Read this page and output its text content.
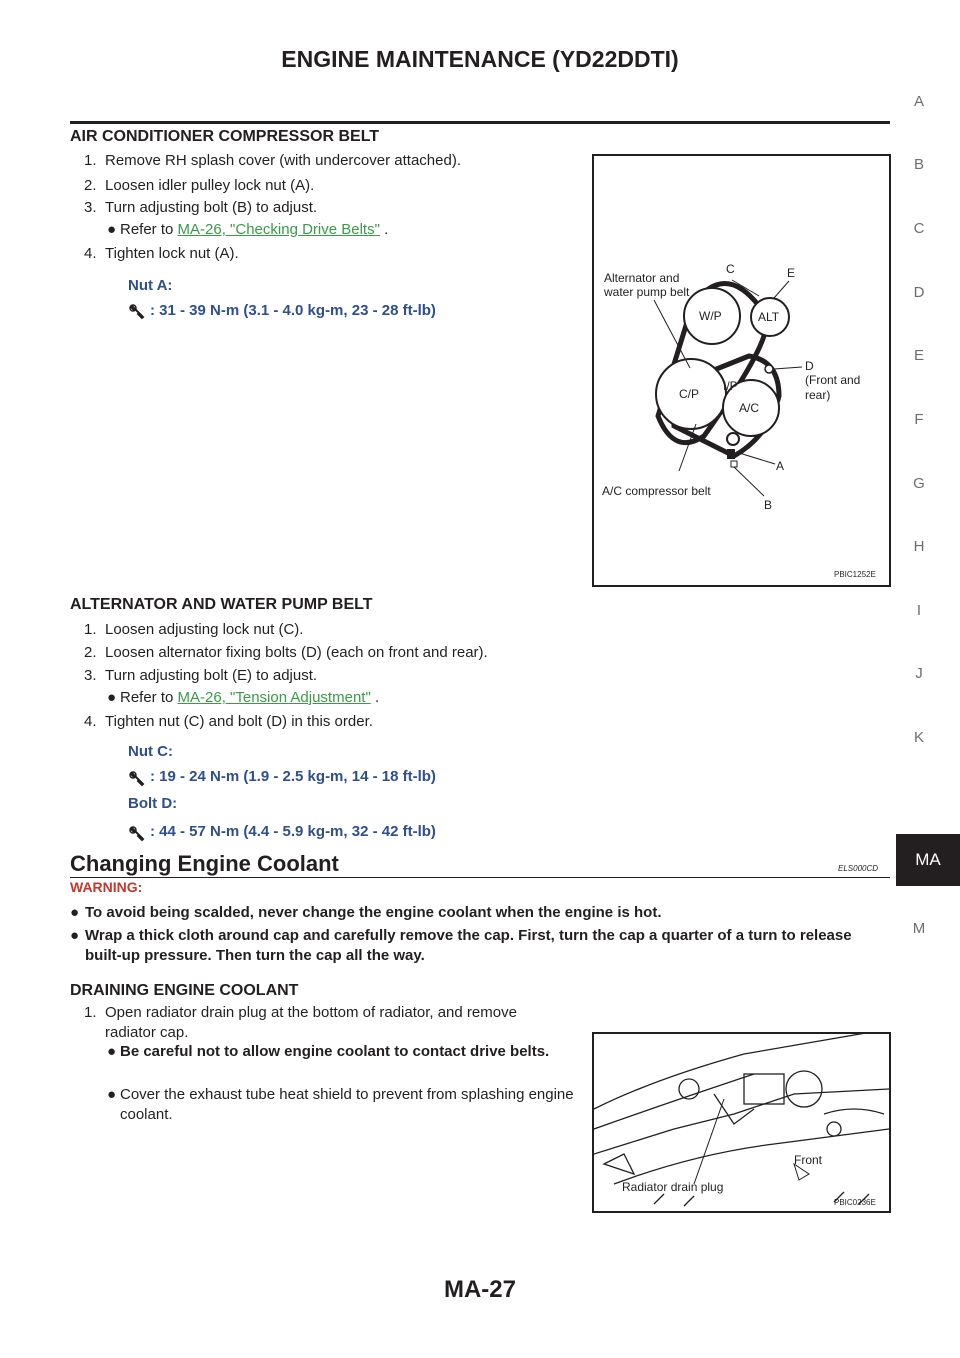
ENGINE MAINTENANCE (YD22DDTI)
A
B
C
D
E
F
G
H
I
J
K
MA
M
AIR CONDITIONER COMPRESSOR BELT
1. Remove RH splash cover (with undercover attached).
2. Loosen idler pulley lock nut (A).
3. Turn adjusting bolt (B) to adjust.
● Refer to MA-26, "Checking Drive Belts" .
4. Tighten lock nut (A).
Nut A:
: 31 - 39 N-m (3.1 - 4.0 kg-m, 23 - 28 ft-lb)
Alternator and
water pump belt
C	E
W/P	ALT
D
(Front and
rear)
C/P
I/P
A/C
A
A/C compressor belt
B
PBIC1252E
ALTERNATOR AND WATER PUMP BELT
1. Loosen adjusting lock nut (C).
2. Loosen alternator fixing bolts (D) (each on front and rear).
3. Turn adjusting bolt (E) to adjust.
● Refer to MA-26, "Tension Adjustment" .
4. Tighten nut (C) and bolt (D) in this order.
Nut C:
: 19 - 24 N-m (1.9 - 2.5 kg-m, 14 - 18 ft-lb)
Bolt D:
: 44 - 57 N-m (4.4 - 5.9 kg-m, 32 - 42 ft-lb)
Changing Engine Coolant	ELS000CD
WARNING:
● To avoid being scalded, never change the engine coolant when the engine is hot.
● Wrap a thick cloth around cap and carefully remove the cap. First, turn the cap a quarter of a turn to release built-up pressure. Then turn the cap all the way.
DRAINING ENGINE COOLANT
1. Open radiator drain plug at the bottom of radiator, and remove
radiator cap.
● Be careful not to allow engine coolant to contact drive belts.
● Cover the exhaust tube heat shield to prevent from splashing engine coolant.
Front
Radiator drain plug
PBIC0236E
MA-27
